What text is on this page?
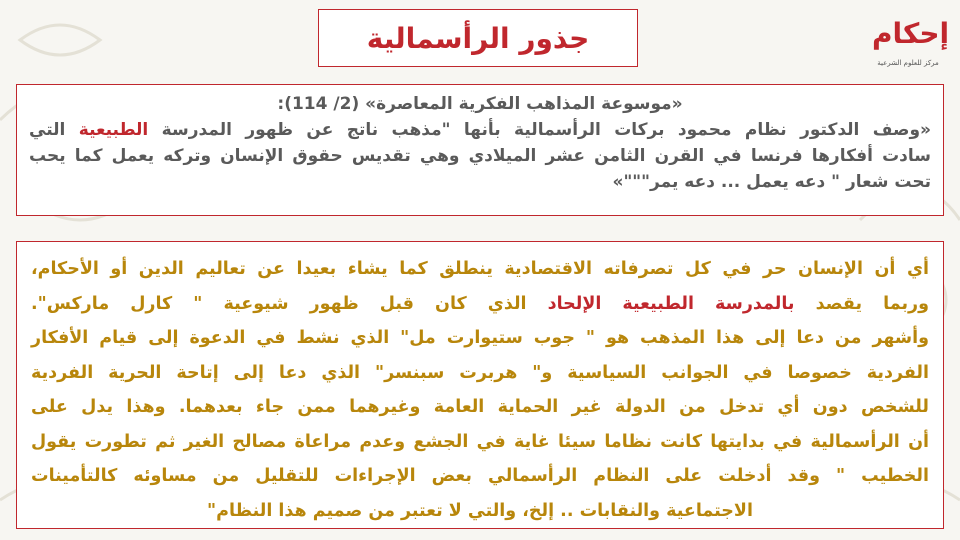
جذور الرأسمالية	إحكام
مركز للعلوم الشرعية
«موسوعة المذاهب الفكرية المعاصرة» (2/ 114):
«وصف الدكتور نظام محمود بركات الرأسمالية بأنها "مذهب ناتج عن ظهور المدرسة الطبيعية التي
سادت أفكارها فرنسا في القرن الثامن عشر الميلادي وهي تقديس حقوق الإنسان وتركه يعمل كما يحب
تحت شعار " دعه يعمل ... دعه يمر"""»
أي أن الإنسان حر في كل تصرفاته الاقتصادية ينطلق كما يشاء بعيدا عن تعاليم الدين أو الأحكام،
وربما يقصد بالمدرسة الطبيعية الإلحاد الذي كان قبل ظهور شيوعية " كارل ماركس".
وأشهر من دعا إلى هذا المذهب هو " جوب ستيوارت مل" الذي نشط في الدعوة إلى قيام الأفكار
الفردية خصوصا في الجوانب السياسية و" هربرت سبنسر" الذي دعا إلى إتاحة الحرية الفردية
للشخص دون أي تدخل من الدولة غير الحماية العامة وغيرهما ممن جاء بعدهما. وهذا يدل على
أن الرأسمالية في بدايتها كانت نظاما سيئا غاية في الجشع وعدم مراعاة مصالح الغير ثم تطورت يقول
الخطيب " وقد أدخلت على النظام الرأسمالي بعض الإجراءات للتقليل من مساوئه كالتأمينات
الاجتماعية والنقابات .. إلخ، والتي لا تعتبر من صميم هذا النظام"
